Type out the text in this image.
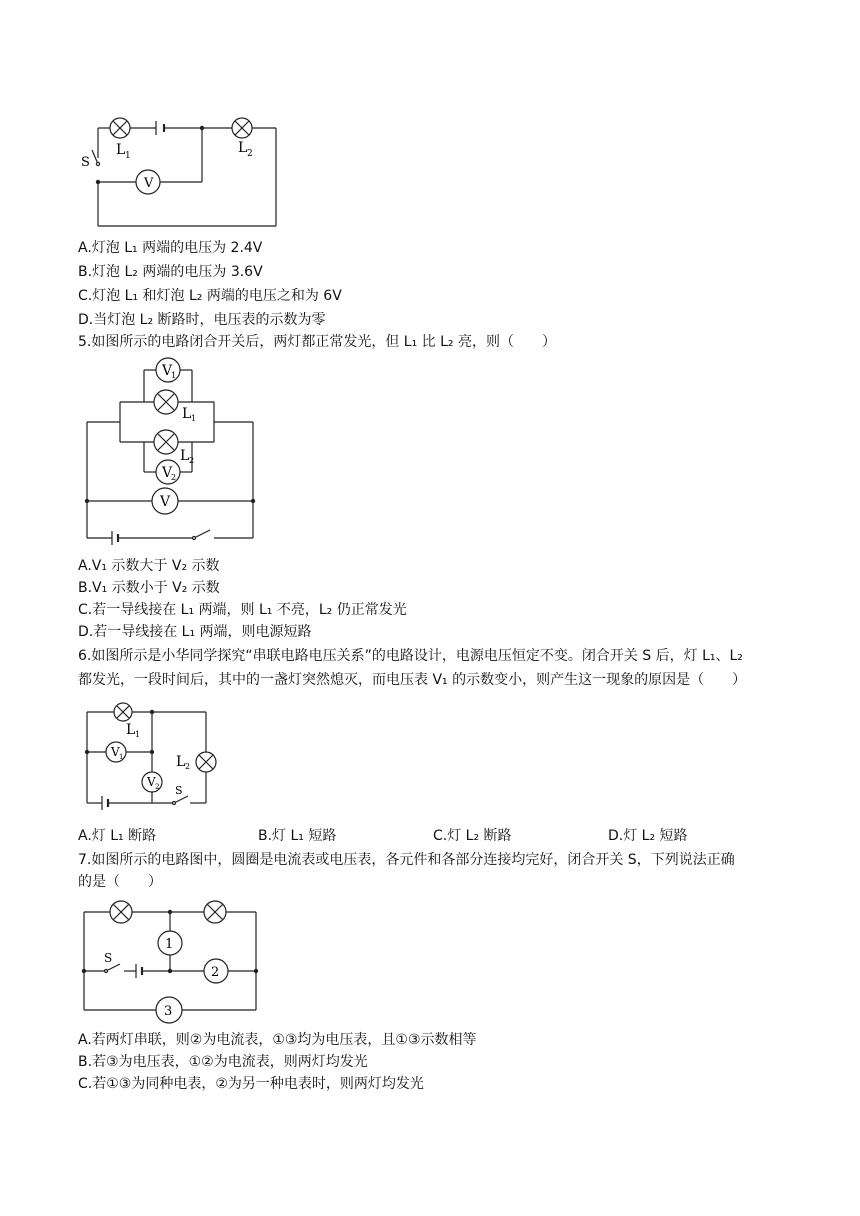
V
S
L 1	L 2
A.灯泡 L₁ 两端的电压为 2.4V
B.灯泡 L₂ 两端的电压为 3.6V
C.灯泡 L₁ 和灯泡 L₂ 两端的电压之和为 6V
D.当灯泡 L₂ 断路时，电压表的示数为零
5.如图所示的电路闭合开关后，两灯都正常发光，但 L₁ 比 L₂ 亮，则（　　）
V
1
L 1
L 2
V
2
V
A.V₁ 示数大于 V₂ 示数
B.V₁ 示数小于 V₂ 示数
C.若一导线接在 L₁ 两端，则 L₁ 不亮，L₂ 仍正常发光
D.若一导线接在 L₁ 两端，则电源短路
6.如图所示是小华同学探究“串联电路电压关系”的电路设计，电源电压恒定不变。闭合开关 S 后，灯 L₁、L₂
都发光，一段时间后，其中的一盏灯突然熄灭，而电压表 V₁ 的示数变小，则产生这一现象的原因是（　　）
V 1
V 2
L 1
L 2
S
A.灯 L₁ 断路	B.灯 L₁ 短路	C.灯 L₂ 断路	D.灯 L₂ 短路
7.如图所示的电路图中，圆圈是电流表或电压表，各元件和各部分连接均完好，闭合开关 S，下列说法正确
的是（　　）
1
2
3
S
A.若两灯串联，则②为电流表，①③均为电压表，且①③示数相等
B.若③为电压表，①②为电流表，则两灯均发光
C.若①③为同种电表，②为另一种电表时，则两灯均发光
